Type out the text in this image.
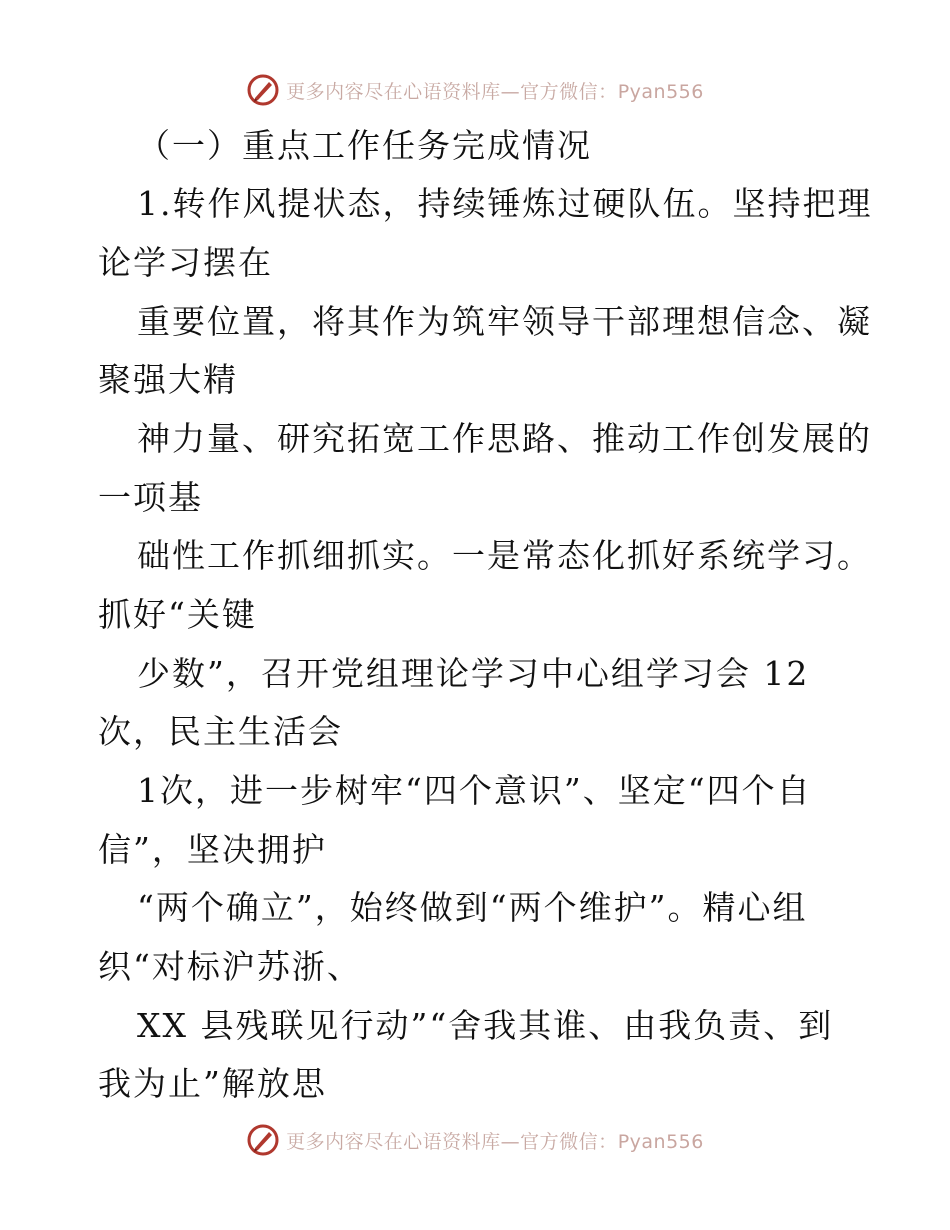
更多内容尽在心语资料库—官方微信：Pyan556
（一）重点工作任务完成情况
1.转作风提状态，持续锤炼过硬队伍。坚持把理
论学习摆在
重要位置，将其作为筑牢领导干部理想信念、凝
聚强大精
神力量、研究拓宽工作思路、推动工作创发展的
一项基
础性工作抓细抓实。一是常态化抓好系统学习。
抓好“关键
少数”，召开党组理论学习中心组学习会 12
次，民主生活会
1次，进一步树牢“四个意识”、坚定“四个自
信”，坚决拥护
“两个确立”，始终做到“两个维护”。精心组
织“对标沪苏浙、
XX 县残联见行动”“舍我其谁、由我负责、到
我为止”解放思
更多内容尽在心语资料库—官方微信：Pyan556
